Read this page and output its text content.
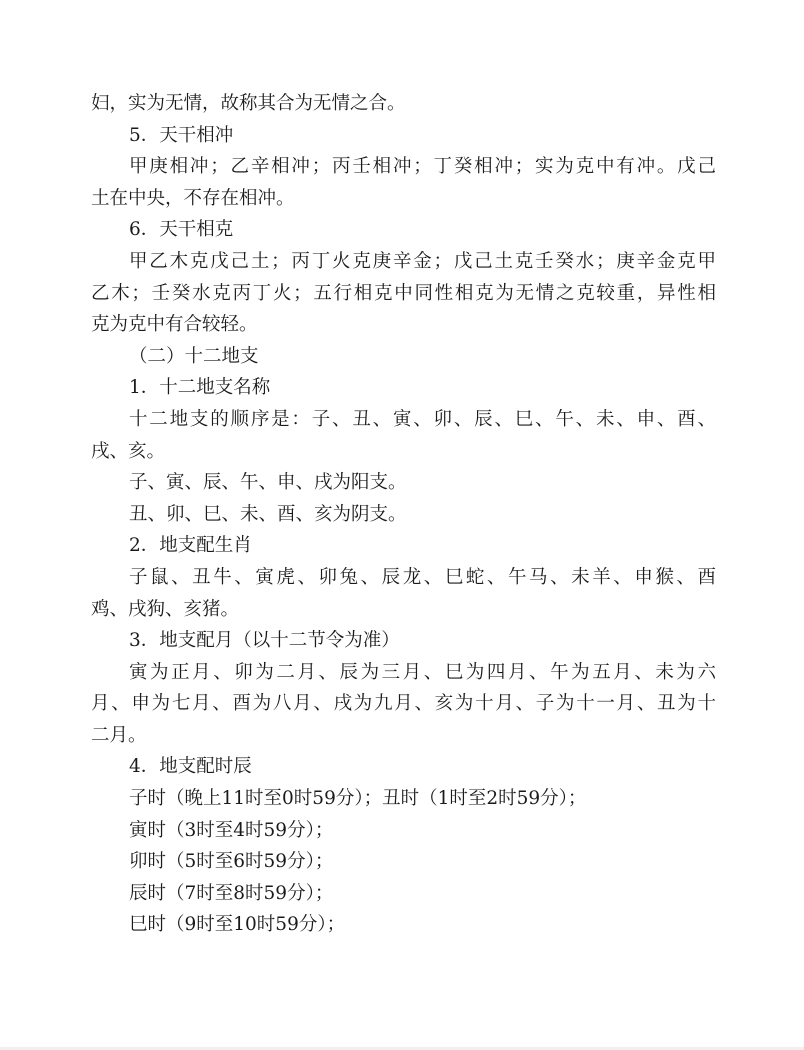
妇，实为无情，故称其合为无情之合。
5．天干相冲
甲庚相冲；乙辛相冲；丙壬相冲；丁癸相冲；实为克中有冲。戊己
土在中央，不存在相冲。
6．天干相克
甲乙木克戊己土；丙丁火克庚辛金；戊己土克壬癸水；庚辛金克甲
乙木；壬癸水克丙丁火；五行相克中同性相克为无情之克较重，异性相
克为克中有合较轻。
（二）十二地支
1．十二地支名称
十二地支的顺序是：子、丑、寅、卯、辰、巳、午、未、申、酉、
戌、亥。
子、寅、辰、午、申、戌为阳支。
丑、卯、巳、未、酉、亥为阴支。
2．地支配生肖
子鼠、丑牛、寅虎、卯兔、辰龙、巳蛇、午马、未羊、申猴、酉
鸡、戌狗、亥猪。
3．地支配月（以十二节令为准）
寅为正月、卯为二月、辰为三月、巳为四月、午为五月、未为六
月、申为七月、酉为八月、戌为九月、亥为十月、子为十一月、丑为十
二月。
4．地支配时辰
子时（晚上11时至0时59分）；丑时（1时至2时59分）；
寅时（3时至4时59分）；
卯时（5时至6时59分）；
辰时（7时至8时59分）；
巳时（9时至10时59分）；
